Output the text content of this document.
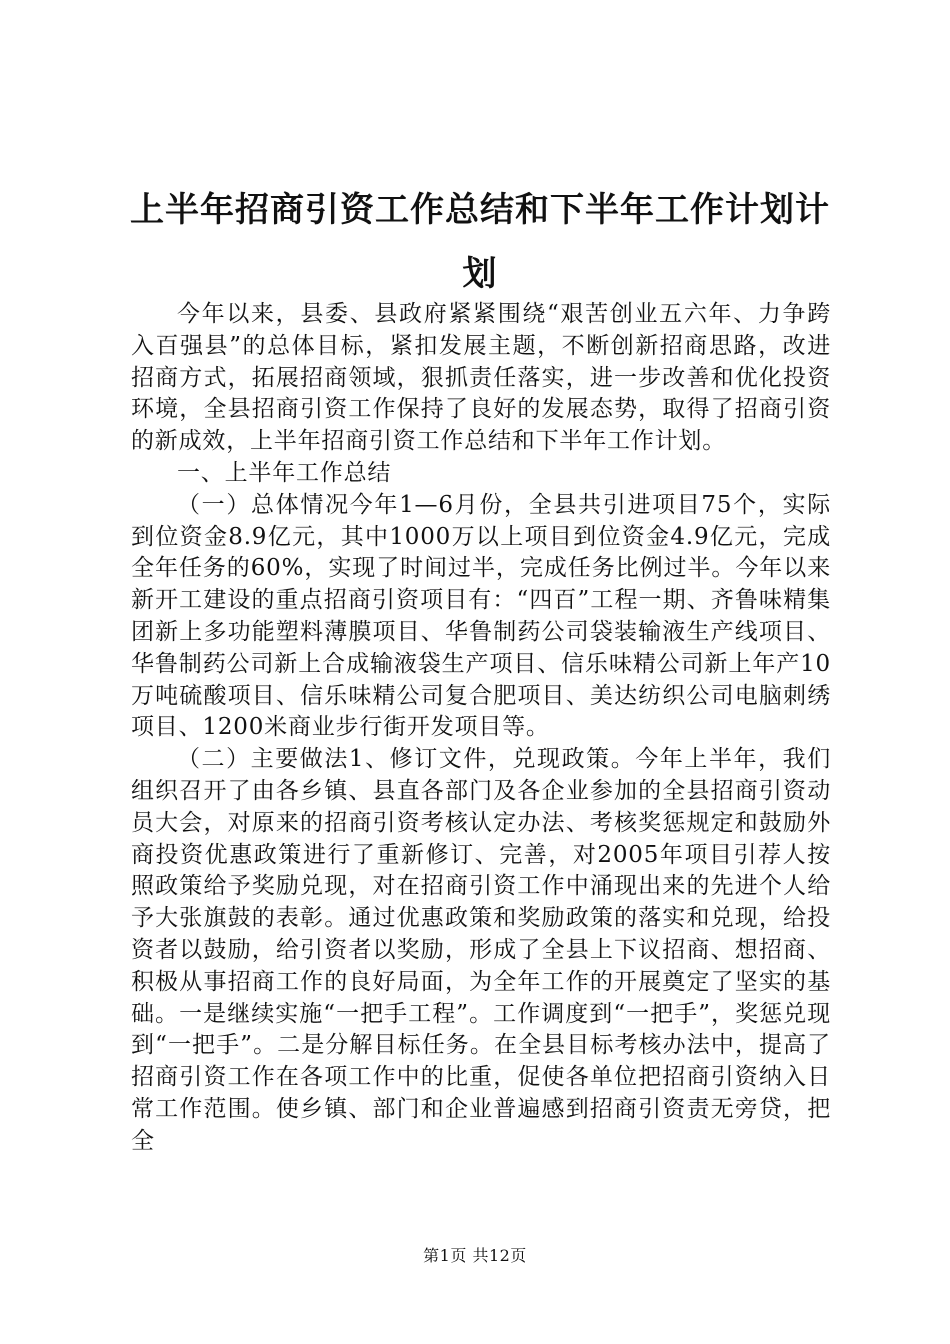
上半年招商引资工作总结和下半年工作计划计划

今年以来，县委、县政府紧紧围绕“艰苦创业五六年、力争跨入百强县”的总体目标，紧扣发展主题，不断创新招商思路，改进招商方式，拓展招商领域，狠抓责任落实，进一步改善和优化投资环境，全县招商引资工作保持了良好的发展态势，取得了招商引资的新成效，上半年招商引资工作总结和下半年工作计划。

一、上半年工作总结

（一）总体情况今年1—6月份，全县共引进项目75个，实际到位资金8.9亿元，其中1000万以上项目到位资金4.9亿元，完成全年任务的60%，实现了时间过半，完成任务比例过半。今年以来新开工建设的重点招商引资项目有：“四百”工程一期、齐鲁味精集团新上多功能塑料薄膜项目、华鲁制药公司袋装输液生产线项目、华鲁制药公司新上合成输液袋生产项目、信乐味精公司新上年产10万吨硫酸项目、信乐味精公司复合肥项目、美达纺织公司电脑刺绣项目、1200米商业步行街开发项目等。

（二）主要做法1、修订文件，兑现政策。今年上半年，我们组织召开了由各乡镇、县直各部门及各企业参加的全县招商引资动员大会，对原来的招商引资考核认定办法、考核奖惩规定和鼓励外商投资优惠政策进行了重新修订、完善，对2005年项目引荐人按照政策给予奖励兑现，对在招商引资工作中涌现出来的先进个人给予大张旗鼓的表彰。通过优惠政策和奖励政策的落实和兑现，给投资者以鼓励，给引资者以奖励，形成了全县上下议招商、想招商、积极从事招商工作的良好局面，为全年工作的开展奠定了坚实的基础。一是继续实施“一把手工程”。工作调度到“一把手”，奖惩兑现到“一把手”。二是分解目标任务。在全县目标考核办法中，提高了招商引资工作在各项工作中的比重，促使各单位把招商引资纳入日常工作范围。使乡镇、部门和企业普遍感到招商引资责无旁贷，把全

第1页 共12页
